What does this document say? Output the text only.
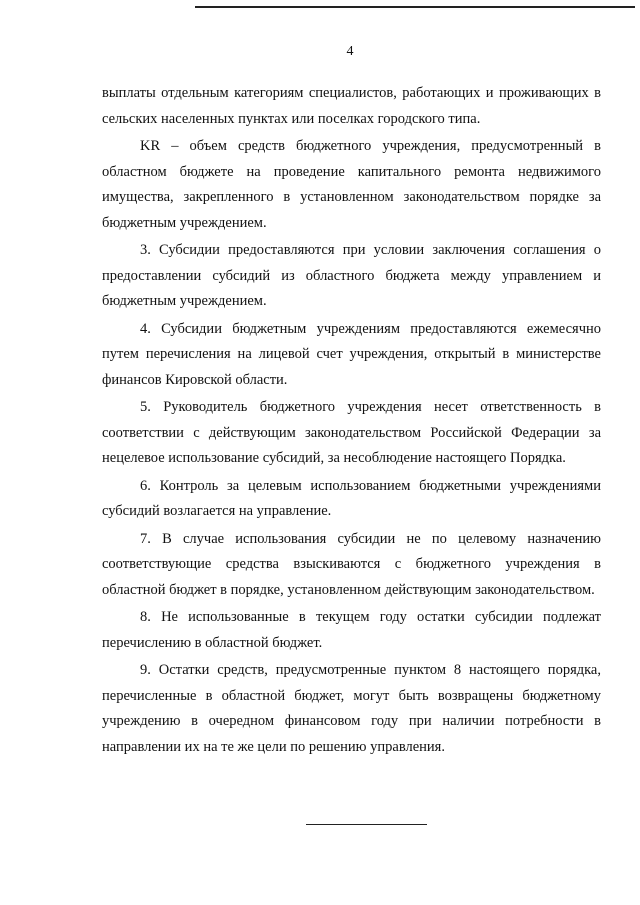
4

выплаты отдельным категориям специалистов, работающих и проживающих в сельских населенных пунктах или поселках городского типа.

KR – объем средств бюджетного учреждения, предусмотренный в областном бюджете на проведение капитального ремонта недвижимого имущества, закрепленного в установленном законодательством порядке за бюджетным учреждением.

3. Субсидии предоставляются при условии заключения соглашения о предоставлении субсидий из областного бюджета между управлением и бюджетным учреждением.

4. Субсидии бюджетным учреждениям предоставляются ежемесячно путем перечисления на лицевой счет учреждения, открытый в министерстве финансов Кировской области.

5. Руководитель бюджетного учреждения несет ответственность в соответствии с действующим законодательством Российской Федерации за нецелевое использование субсидий, за несоблюдение настоящего Порядка.

6. Контроль за целевым использованием бюджетными учреждениями субсидий возлагается на управление.

7. В случае использования субсидии не по целевому назначению соответствующие средства взыскиваются с бюджетного учреждения в областной бюджет в порядке, установленном действующим законодательством.

8. Не использованные в текущем году остатки субсидии подлежат перечислению в областной бюджет.

9. Остатки средств, предусмотренные пунктом 8 настоящего порядка, перечисленные в областной бюджет, могут быть возвращены бюджетному учреждению в очередном финансовом году при наличии потребности в направлении их на те же цели по решению управления.
